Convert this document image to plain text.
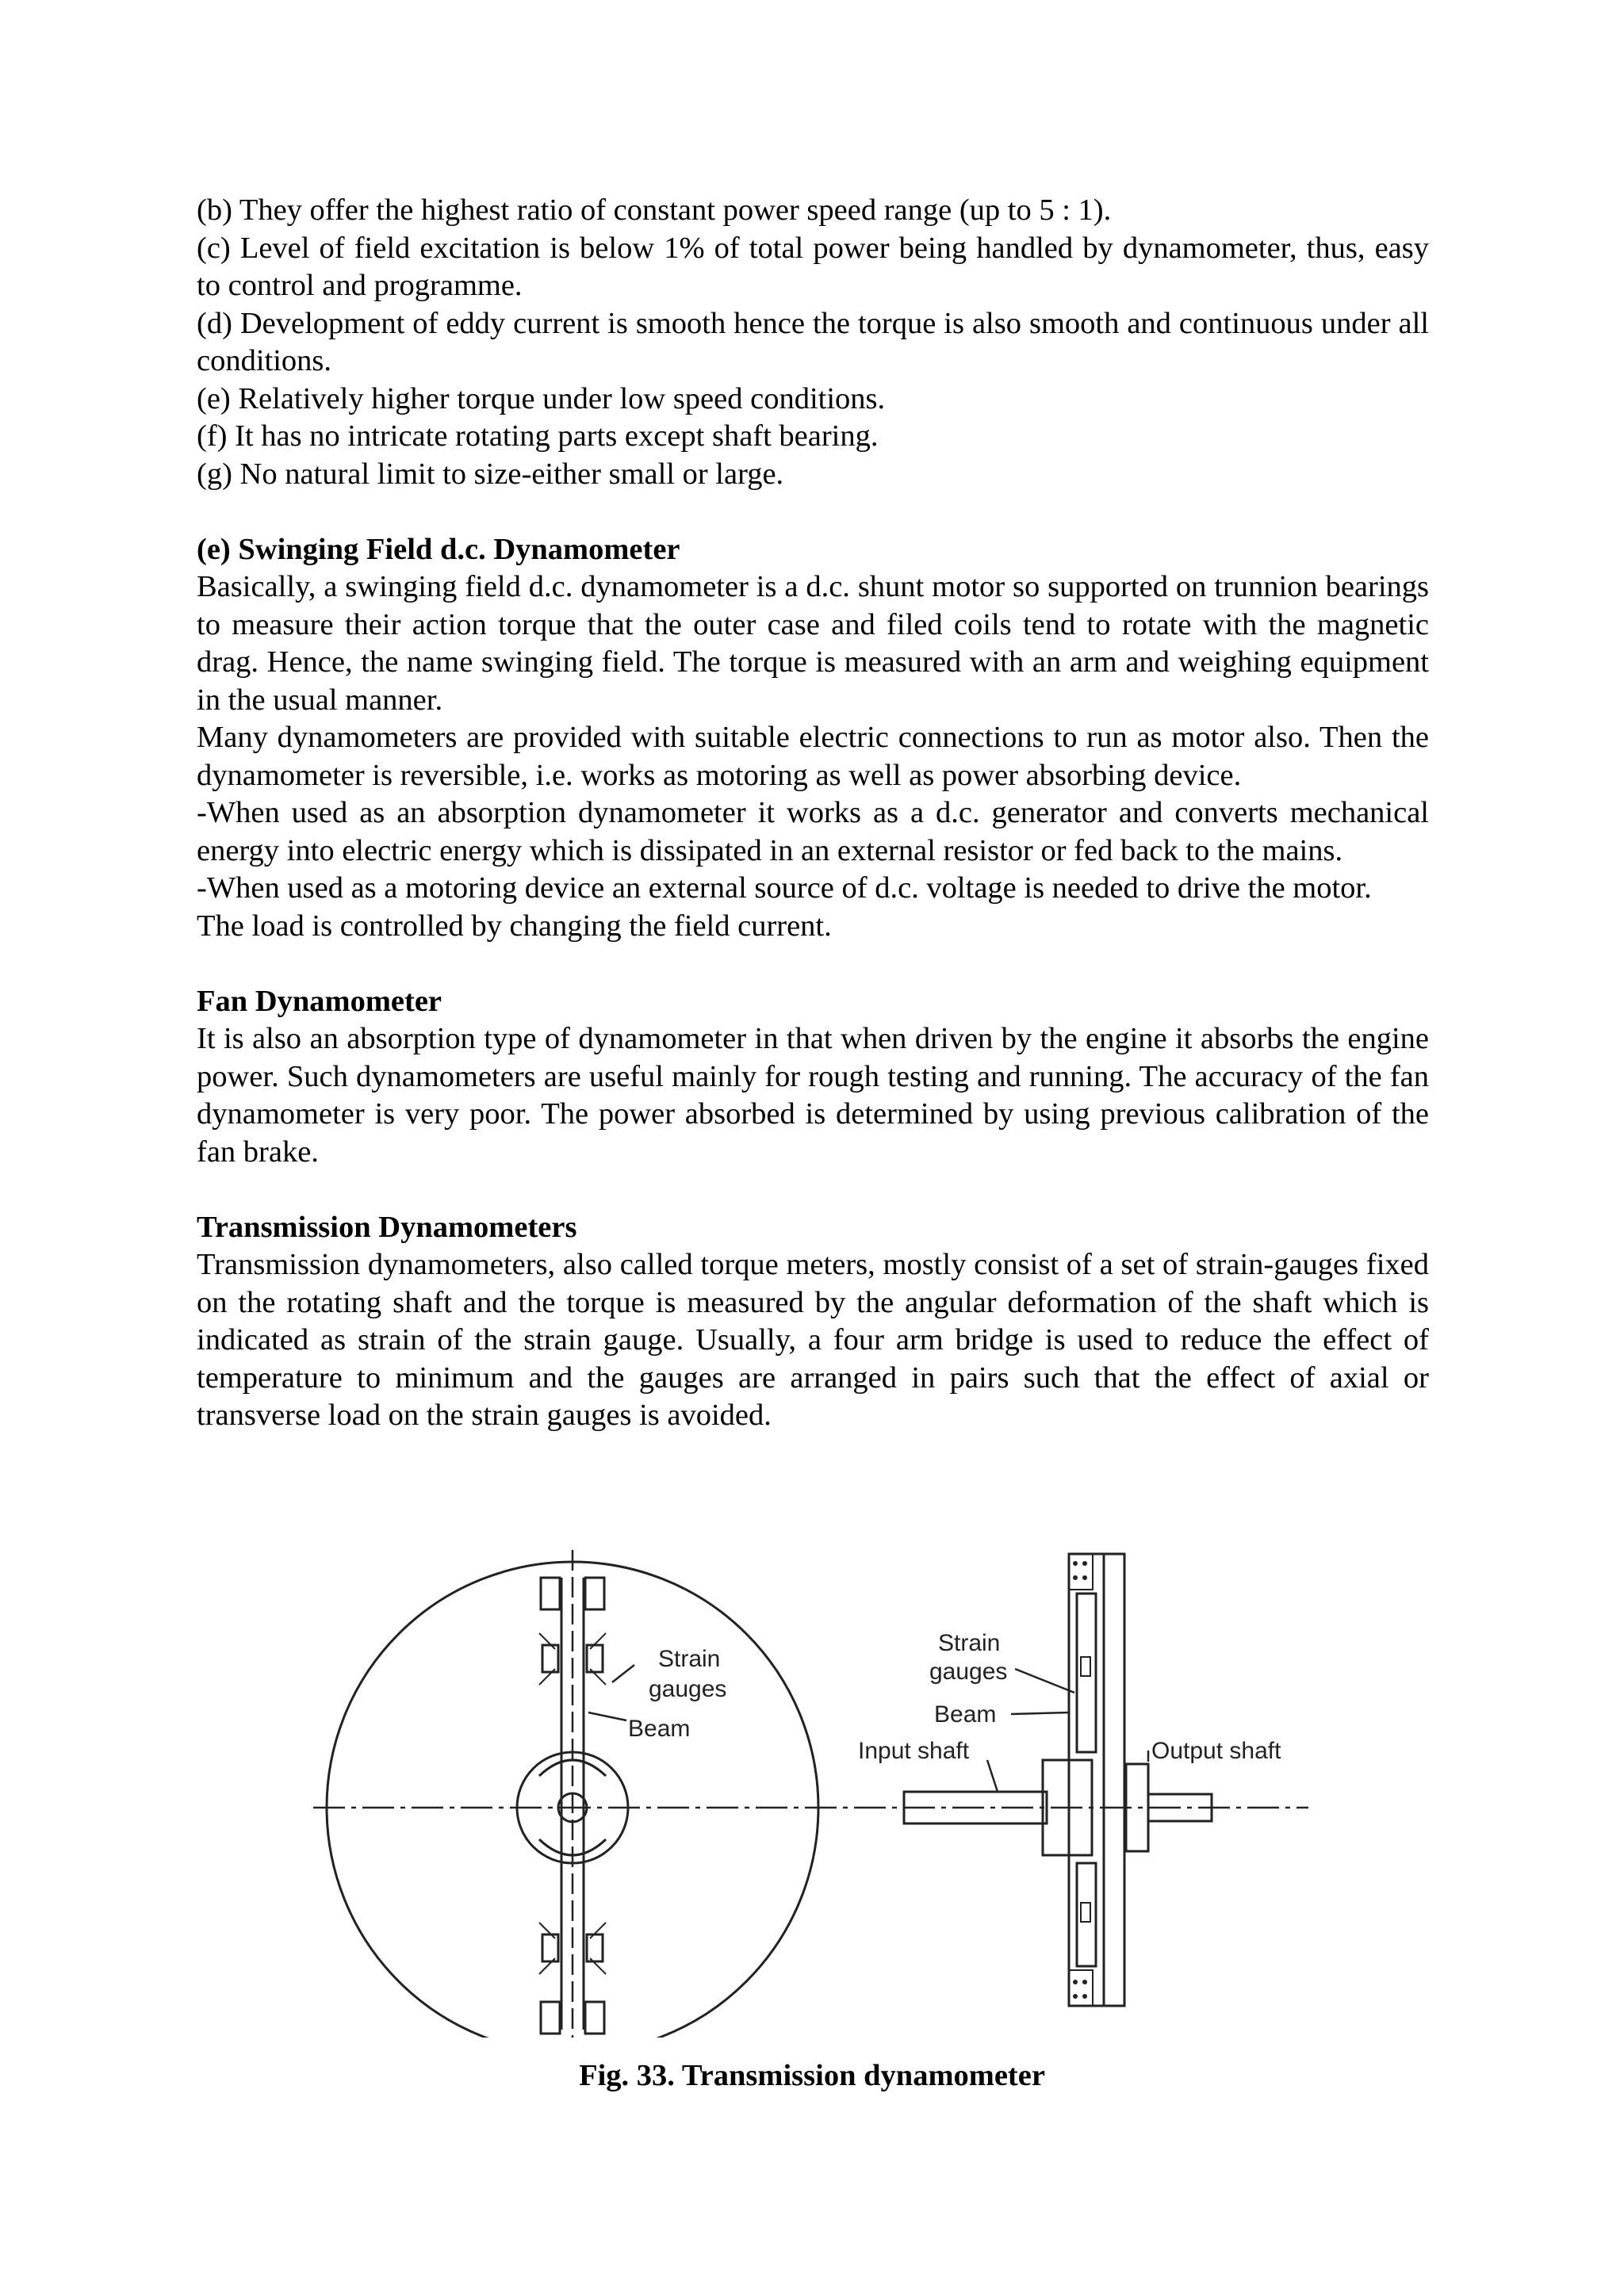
(b) They offer the highest ratio of constant power speed range (up to 5 : 1).

(c) Level of field excitation is below 1% of total power being handled by dynamometer, thus, easy to control and programme.

(d) Development of eddy current is smooth hence the torque is also smooth and continuous under all conditions.

(e) Relatively higher torque under low speed conditions.

(f) It has no intricate rotating parts except shaft bearing.

(g) No natural limit to size-either small or large.

(e) Swinging Field d.c. Dynamometer

Basically, a swinging field d.c. dynamometer is a d.c. shunt motor so supported on trunnion bearings to measure their action torque that the outer case and filed coils tend to rotate with the magnetic drag. Hence, the name swinging field. The torque is measured with an arm and weighing equipment in the usual manner.

Many dynamometers are provided with suitable electric connections to run as motor also. Then the dynamometer is reversible, i.e. works as motoring as well as power absorbing device.

-When used as an absorption dynamometer it works as a d.c. generator and converts mechanical energy into electric energy which is dissipated in an external resistor or fed back to the mains.

-When used as a motoring device an external source of d.c. voltage is needed to drive the motor.

The load is controlled by changing the field current.

Fan Dynamometer

It is also an absorption type of dynamometer in that when driven by the engine it absorbs the engine power. Such dynamometers are useful mainly for rough testing and running. The accuracy of the fan dynamometer is very poor. The power absorbed is determined by using previous calibration of the fan brake.

Transmission Dynamometers

Transmission dynamometers, also called torque meters, mostly consist of a set of strain-gauges fixed on the rotating shaft and the torque is measured by the angular deformation of the shaft which is indicated as strain of the strain gauge. Usually, a four arm bridge is used to reduce the effect of temperature to minimum and the gauges are arranged in pairs such that the effect of axial or transverse load on the strain gauges is avoided.

Strain
gauges
Beam
Strain
gauges
Beam
Input shaft	Output shaft
Fig. 33. Transmission dynamometer
